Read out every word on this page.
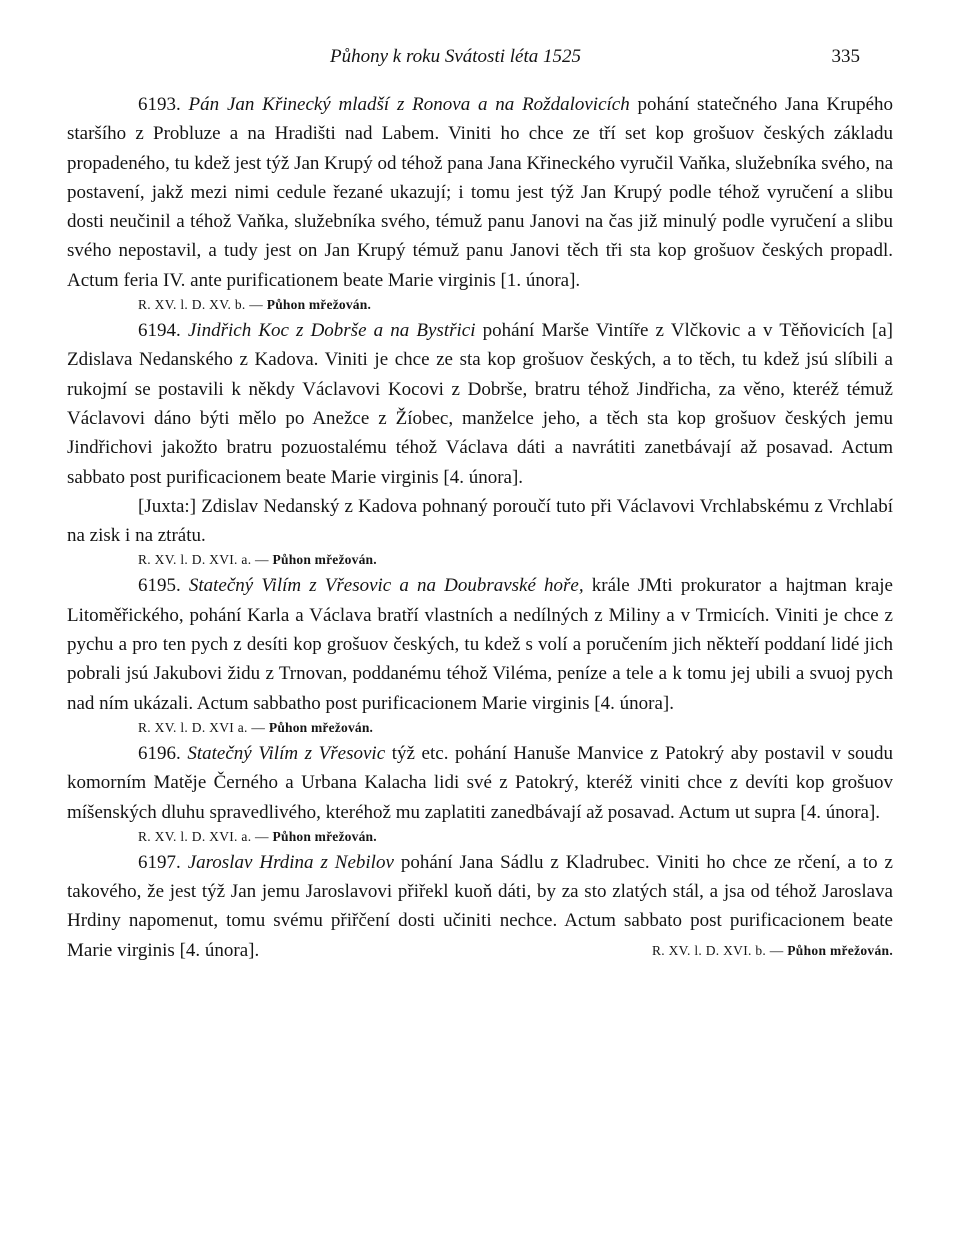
Půhony k roku Svátosti léta 1525	335

6193. Pán Jan Křinecký mladší z Ronova a na Roždalovicích pohání statečného Jana Krupého staršího z Probluze a na Hradišti nad Labem. Viniti ho chce ze tří set kop grošuov českých základu propadeného, tu kdež jest týž Jan Krupý od téhož pana Jana Křineckého vyručil Vaňka, služebníka svého, na postavení, jakž mezi nimi cedule řezané ukazují; i tomu jest týž Jan Krupý podle téhož vyručení a slibu dosti neučinil a téhož Vaňka, služebníka svého, témuž panu Janovi na čas již minulý podle vyručení a slibu svého nepostavil, a tudy jest on Jan Krupý témuž panu Janovi těch tři sta kop grošuov českých propadl. Actum feria IV. ante purificationem beate Marie virginis [1. února].

R. XV. l. D. XV. b. — Půhon mřežován.

6194. Jindřich Koc z Dobrše a na Bystřici pohání Marše Vintíře z Vlčkovic a v Těňovicích [a] Zdislava Nedanského z Kadova. Viniti je chce ze sta kop grošuov českých, a to těch, tu kdež jsú slíbili a rukojmí se postavili k někdy Václavovi Kocovi z Dobrše, bratru téhož Jindřicha, za věno, kteréž témuž Václavovi dáno býti mělo po Anežce z Žíobec, manželce jeho, a těch sta kop grošuov českých jemu Jindřichovi jakožto bratru pozuostalému téhož Václava dáti a navrátiti zanetbávají až posavad. Actum sabbato post purificacionem beate Marie virginis [4. února].

[Juxta:] Zdislav Nedanský z Kadova pohnaný poroučí tuto při Václavovi Vrchlabskému z Vrchlabí na zisk i na ztrátu.

R. XV. l. D. XVI. a. — Půhon mřežován.

6195. Statečný Vilím z Vřesovic a na Doubravské hoře, krále JMti prokurator a hajtman kraje Litoměřického, pohání Karla a Václava bratří vlastních a nedílných z Miliny a v Trmicích. Viniti je chce z pychu a pro ten pych z desíti kop grošuov českých, tu kdež s volí a poručením jich někteří poddaní lidé jich pobrali jsú Jakubovi židu z Trnovan, poddanému téhož Viléma, peníze a tele a k tomu jej ubili a svuoj pych nad ním ukázali. Actum sabbatho post purificacionem Marie virginis [4. února].

R. XV. l. D. XVI a. — Půhon mřežován.

6196. Statečný Vilím z Vřesovic týž etc. pohání Hanuše Manvice z Patokrý aby postavil v soudu komorním Matěje Černého a Urbana Kalacha lidi své z Patokrý, kteréž viniti chce z devíti kop grošuov míšenských dluhu spravedlivého, kteréhož mu zaplatiti zanedbávají až posavad. Actum ut supra [4. února].

R. XV. l. D. XVI. a. — Půhon mřežován.

6197. Jaroslav Hrdina z Nebilov pohání Jana Sádlu z Kladrubec. Viniti ho chce ze rčení, a to z takového, že jest týž Jan jemu Jaroslavovi přiřekl kuoň dáti, by za sto zlatých stál, a jsa od téhož Jaroslava Hrdiny napomenut, tomu svému přiřčení dosti učiniti nechce. Actum sabbato post purificacionem beate Marie virginis [4. února].	R. XV. l. D. XVI. b. — Půhon mřežován.
